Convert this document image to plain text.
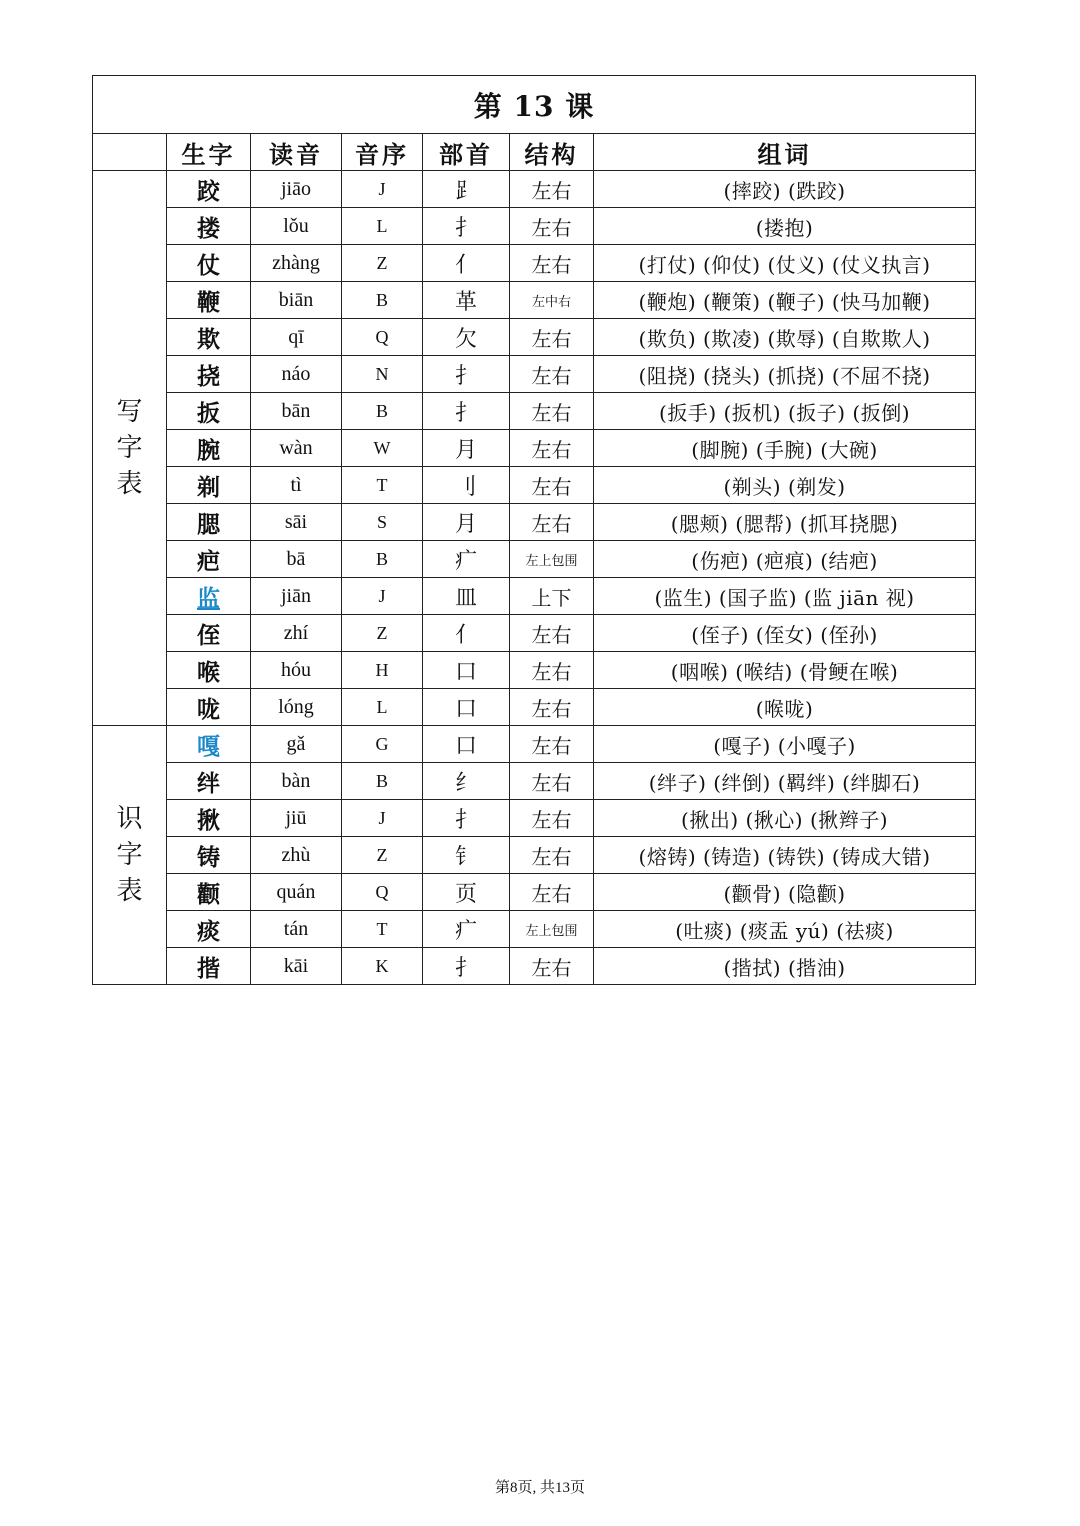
第 13 课						
	生字	读音	音序	部首	结构	组词

写
字
表	跤	jiāo	J	⻊	左右	(摔跤) (跌跤)
	搂	lǒu	L	扌	左右	(搂抱)
	仗	zhàng	Z	亻	左右	(打仗) (仰仗) (仗义) (仗义执言)
	鞭	biān	B	革	左中右	(鞭炮) (鞭策) (鞭子) (快马加鞭)
	欺	qī	Q	欠	左右	(欺负) (欺凌) (欺辱) (自欺欺人)
	挠	náo	N	扌	左右	(阻挠) (挠头) (抓挠) (不屈不挠)
	扳	bān	B	扌	左右	(扳手) (扳机) (扳子) (扳倒)
	腕	wàn	W	月	左右	(脚腕) (手腕) (大碗)
	剃	tì	T	刂	左右	(剃头) (剃发)
	腮	sāi	S	月	左右	(腮颊) (腮帮) (抓耳挠腮)
	疤	bā	B	疒	左上包围	(伤疤) (疤痕) (结疤)
	监	jiān	J	皿	上下	(监生) (国子监) (监 jiān 视)
	侄	zhí	Z	亻	左右	(侄子) (侄女) (侄孙)
	喉	hóu	H	口	左右	(咽喉) (喉结) (骨鲠在喉)
	咙	lóng	L	口	左右	(喉咙)

识
字
表	嘎	gǎ	G	口	左右	(嘎子) (小嘎子)
	绊	bàn	B	纟	左右	(绊子) (绊倒) (羁绊) (绊脚石)
	揪	jiū	J	扌	左右	(揪出) (揪心) (揪辫子)
	铸	zhù	Z	钅	左右	(熔铸) (铸造) (铸铁) (铸成大错)
	颧	quán	Q	页	左右	(颧骨) (隐颧)
	痰	tán	T	疒	左上包围	(吐痰) (痰盂 yú) (祛痰)
	揩	kāi	K	扌	左右	(揩拭) (揩油)
第8页, 共13页
